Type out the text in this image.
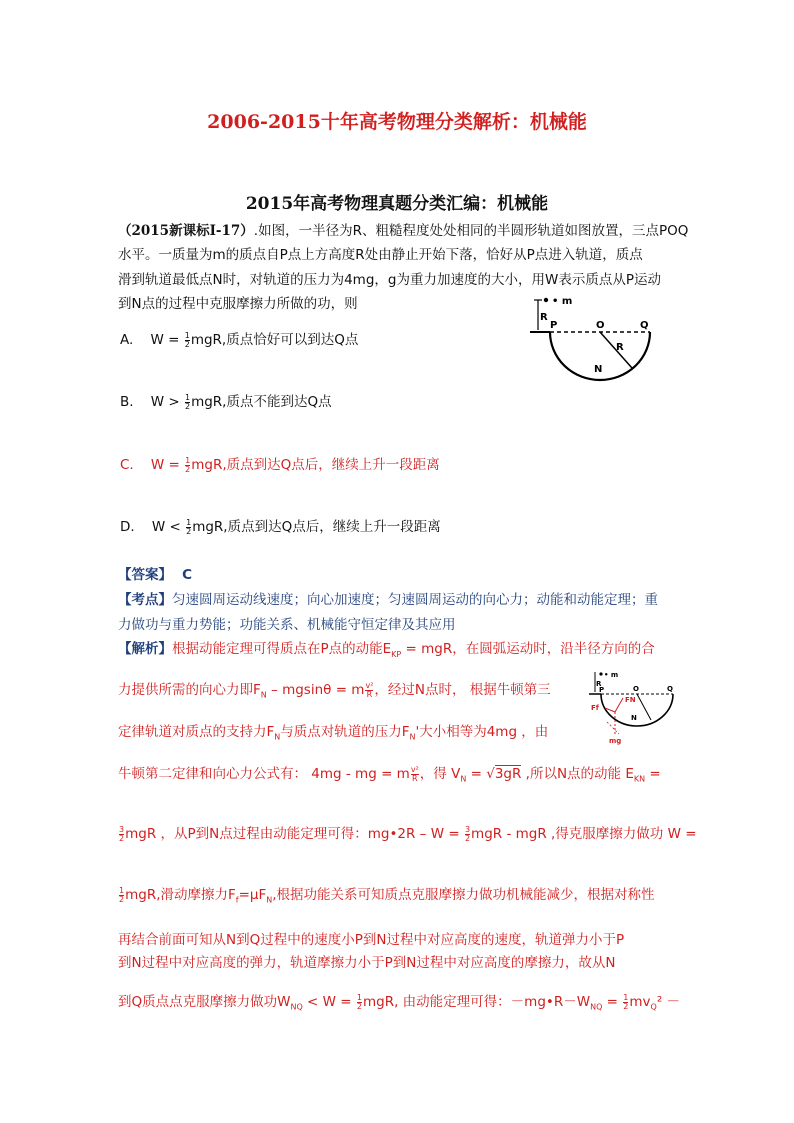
2006-2015十年高考物理分类解析：机械能
2015年高考物理真题分类汇编：机械能
（2015新课标Ⅰ-17）.如图，一半径为R、粗糙程度处处相同的半圆形轨道如图放置，三点POQ
水平。一质量为m的质点自P点上方高度R处由静止开始下落，恰好从P点进入轨道，质点
滑到轨道最低点N时，对轨道的压力为4mg，g为重力加速度的大小，用W表示质点从P运动
到N点的过程中克服摩擦力所做的功，则	• m
R
P	O	Q
R
N
A. $W = \frac{1}{2}$ mgR,质点恰好可以到达Q点
B. $W > \frac{1}{2}$ mgR,质点不能到达Q点
C. $W = \frac{1}{2}$ mgR,质点到达Q点后，继续上升一段距离
D. $W < \frac{1}{2}$ mgR,质点到达Q点后，继续上升一段距离
【答案】 C
【考点】匀速圆周运动线速度；向心加速度；匀速圆周运动的向心力；动能和动能定理；重
力做功与重力势能；功能关系、机械能守恒定律及其应用
【解析】根据动能定理可得质点在P点的动能$E_{KP}$ = mgR，在圆弧运动时，沿半径方向的合
力提供所需的向心力即$F_N - mgsin\theta = m \frac{\text{v²}}{R}$ ，经过N点时， 根据牛顿第三
定律轨道对质点的支持力$F_N$与质点对轨道的压力$F_N'$大小相等为4mg ，由
• m
R
P	O	Q
N
Ff
FN
mg
牛顿第二定律和向心力公式有： 4mg - mg = m $\frac{\text{v²}}{R}$ ，得 $V_N = √3gR$ ,所以N点的动能 $E_{KN}$ =
$\frac{3}{2}$ mgR ，从P到N点过程由动能定理可得：mg•2R – $W = \frac{3}{2}$ mgR - mgR ,得克服摩擦力做功 W =
$\frac{1}{2}$ mgR,滑动摩擦力$F_f=\mu F_N$,根据功能关系可知质点克服摩擦力做功机械能减少，根据对称性
再结合前面可知从N到Q过程中的速度小P到N过程中对应高度的速度，轨道弹力小于P
到N过程中对应高度的弹力，轨道摩擦力小于P到N过程中对应高度的摩擦力，故从N
到Q质点点克服摩擦力做功$W_{NQ} < W = \frac{1}{2}$ mgR, 由动能定理可得：$-mg•R-W_{NQ} = \frac{1}{2} mv_Q^2$ －
